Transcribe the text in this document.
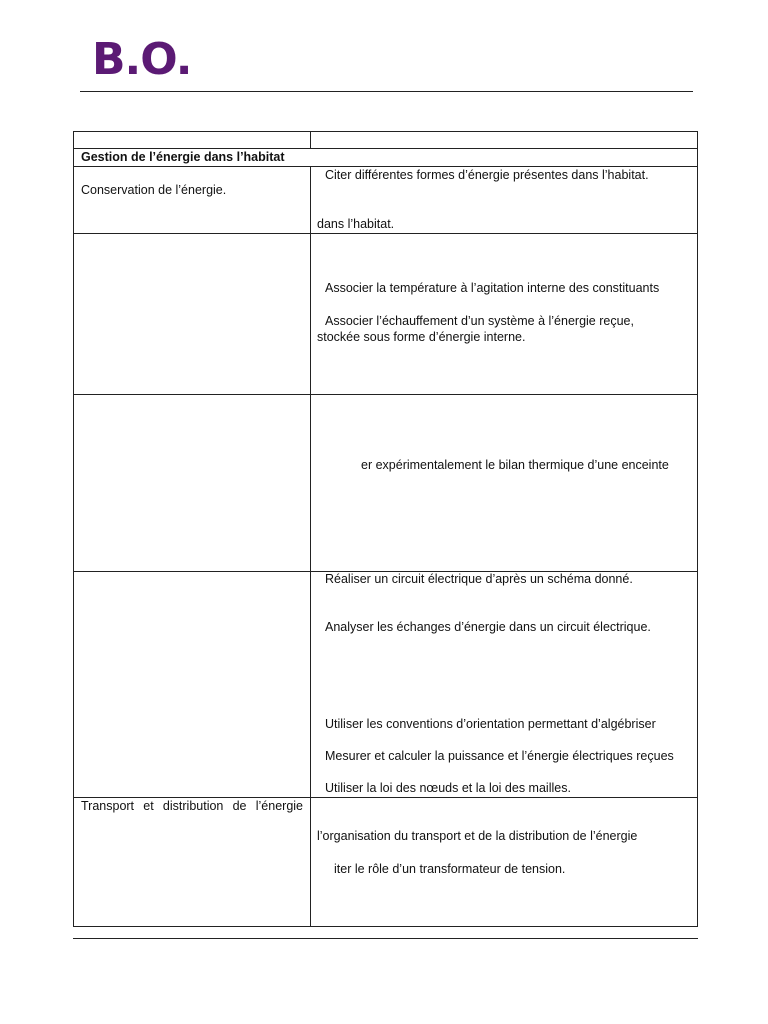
B.O.
Gestion de l’énergie dans l’habitat
Conservation de l’énergie.
Citer différentes formes d’énergie présentes dans l’habitat.
dans l’habitat.
Associer la température à l’agitation interne des constituants
Associer l’échauffement d’un système à l’énergie reçue,
stockée sous forme d’énergie interne.
er expérimentalement le bilan thermique d’une enceinte
Réaliser un circuit électrique d’après un schéma donné.
Analyser les échanges d’énergie dans un circuit électrique.
Utiliser les conventions d’orientation permettant d’algébriser
Mesurer et calculer la puissance et l’énergie électriques reçues
Utiliser la loi des nœuds et la loi des mailles.
Transport et distribution de l’énergie
l’organisation du transport et de la distribution de l’énergie
iter le rôle d’un transformateur de tension.
